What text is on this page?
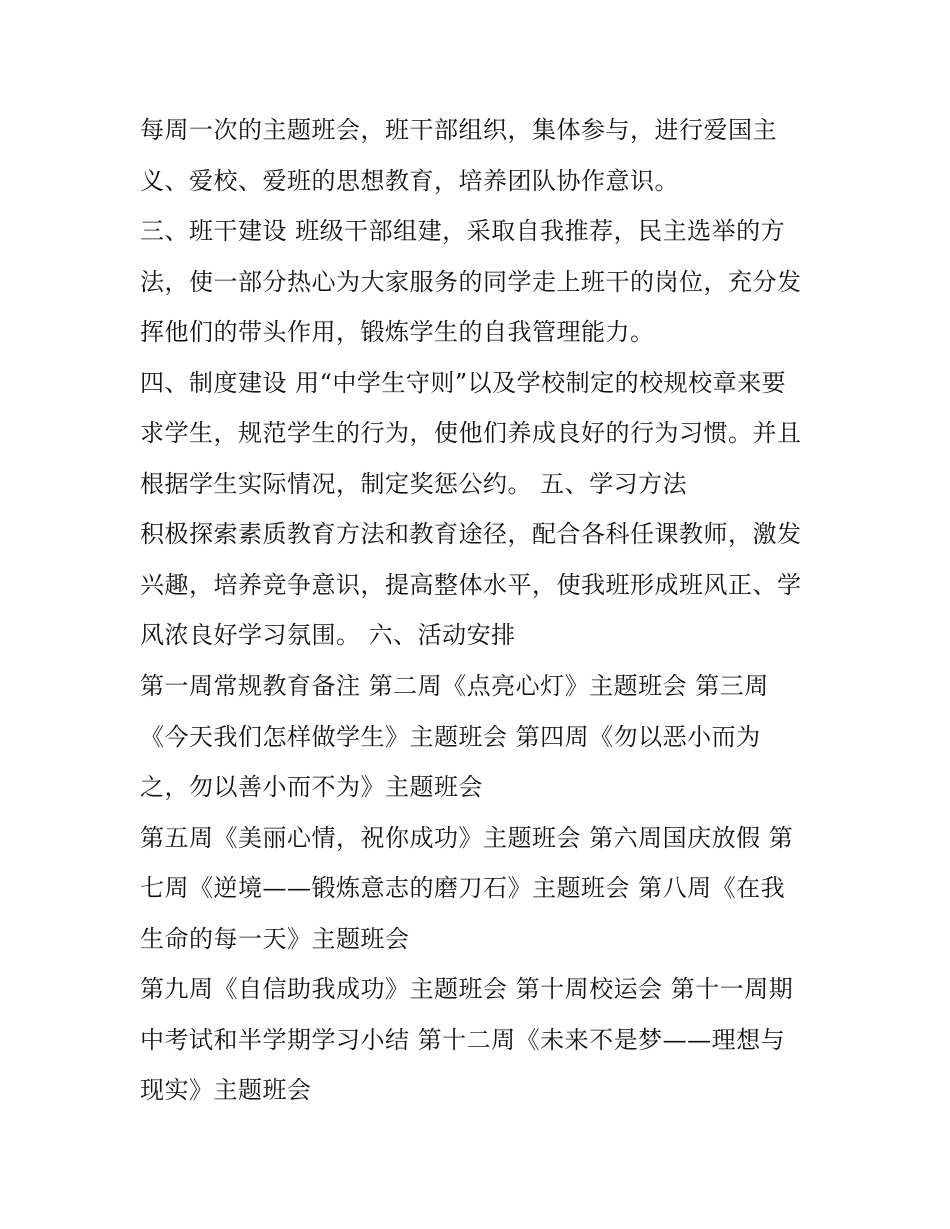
每周一次的主题班会，班干部组织，集体参与，进行爱国主
义、爱校、爱班的思想教育，培养团队协作意识。
三、班干建设 班级干部组建，采取自我推荐，民主选举的方
法，使一部分热心为大家服务的同学走上班干的岗位，充分发
挥他们的带头作用，锻炼学生的自我管理能力。
四、制度建设 用“中学生守则”以及学校制定的校规校章来要
求学生，规范学生的行为，使他们养成良好的行为习惯。并且
根据学生实际情况，制定奖惩公约。 五、学习方法
积极探索素质教育方法和教育途径，配合各科任课教师，激发
兴趣，培养竞争意识，提高整体水平，使我班形成班风正、学
风浓良好学习氛围。 六、活动安排
第一周常规教育备注 第二周《点亮心灯》主题班会 第三周
《今天我们怎样做学生》主题班会 第四周《勿以恶小而为
之，勿以善小而不为》主题班会
第五周《美丽心情，祝你成功》主题班会 第六周国庆放假 第
七周《逆境——锻炼意志的磨刀石》主题班会 第八周《在我
生命的每一天》主题班会
第九周《自信助我成功》主题班会 第十周校运会 第十一周期
中考试和半学期学习小结 第十二周《未来不是梦——理想与
现实》主题班会
